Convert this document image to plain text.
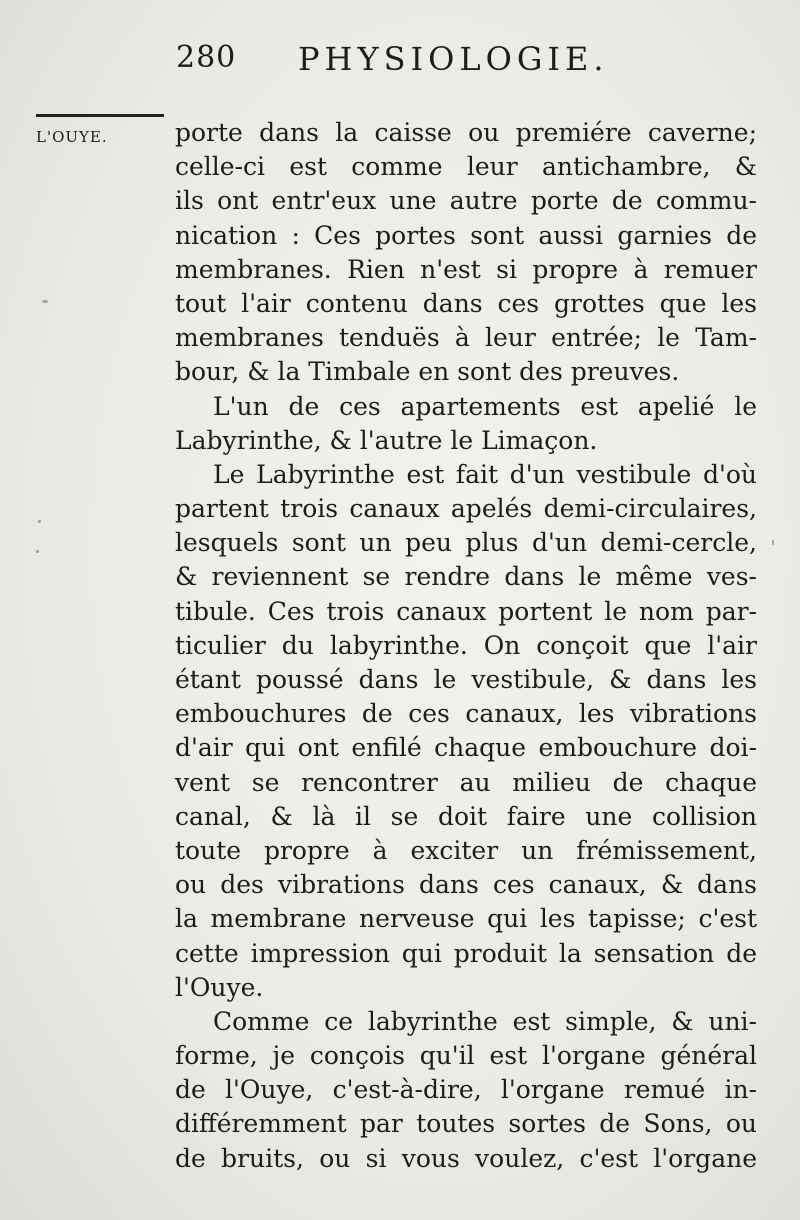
280 PHYSIOLOGIE.
L'OUYE.	porte dans la caisse ou premiére caverne;
celle-ci est comme leur antichambre, &
ils ont entr'eux une autre porte de commu-
nication : Ces portes sont aussi garnies de
membranes. Rien n'est si propre à remuer
tout l'air contenu dans ces grottes que les
membranes tenduës à leur entrée; le Tam-
bour, & la Timbale en sont des preuves.
L'un de ces apartements est apelié le
Labyrinthe, & l'autre le Limaçon.
Le Labyrinthe est fait d'un vestibule d'où
partent trois canaux apelés demi-circulaires,
lesquels sont un peu plus d'un demi-cercle,
& reviennent se rendre dans le même ves-
tibule. Ces trois canaux portent le nom par-
ticulier du labyrinthe. On conçoit que l'air
étant poussé dans le vestibule, & dans les
embouchures de ces canaux, les vibrations
d'air qui ont enfilé chaque embouchure doi-
vent se rencontrer au milieu de chaque
canal, & là il se doit faire une collision
toute propre à exciter un frémissement,
ou des vibrations dans ces canaux, & dans
la membrane nerveuse qui les tapisse; c'est
cette impression qui produit la sensation de
l'Ouye.
Comme ce labyrinthe est simple, & uni-
forme, je conçois qu'il est l'organe général
de l'Ouye, c'est-à-dire, l'organe remué in-
différemment par toutes sortes de Sons, ou
de bruits, ou si vous voulez, c'est l'organe
